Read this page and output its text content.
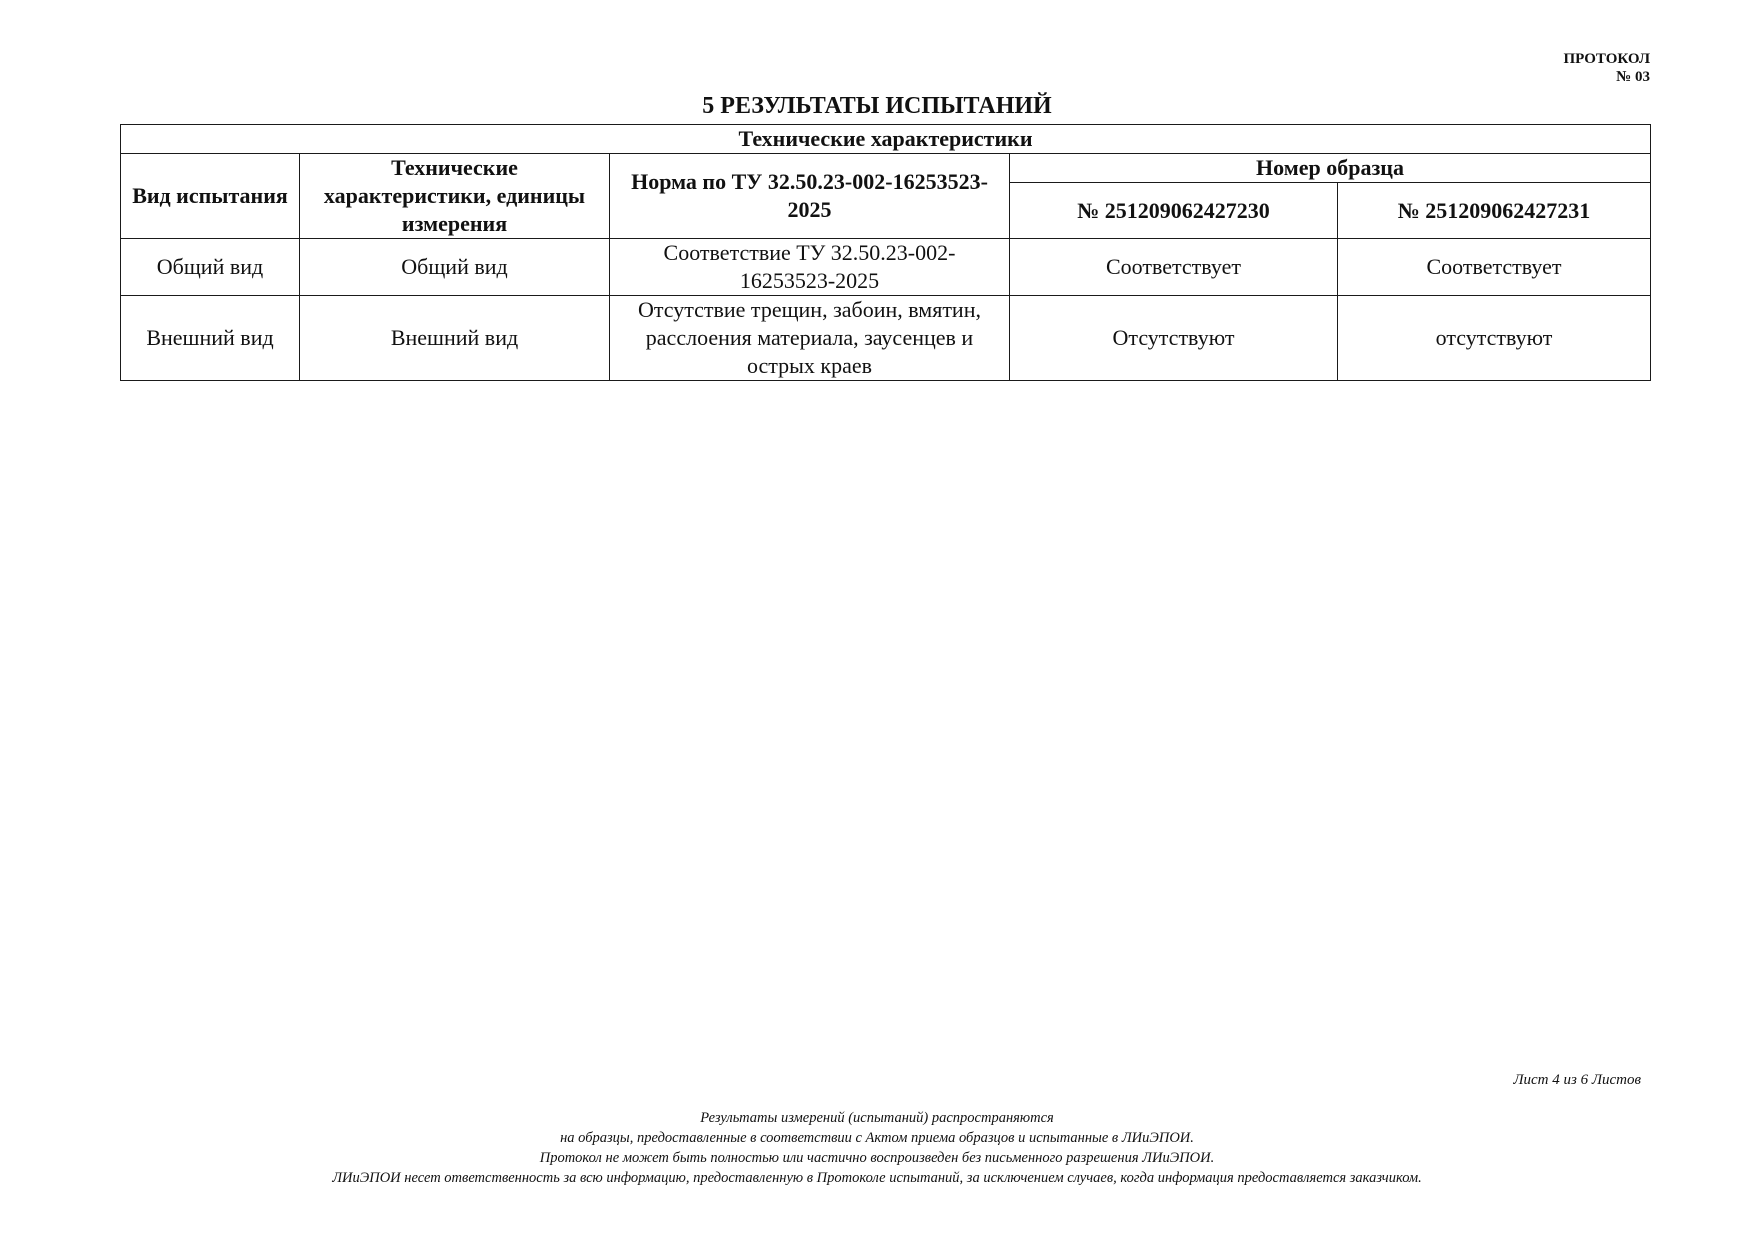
ПРОТОКОЛ
№ 03
5 РЕЗУЛЬТАТЫ ИСПЫТАНИЙ
Технические характеристики				
Вид испытания	Технические характеристики, единицы измерения	Норма по ТУ 32.50.23-002-16253523-2025	Номер образца	
			№ 251209062427230	№ 251209062427231
Общий вид	Общий вид	Соответствие ТУ 32.50.23-002-16253523-2025	Соответствует	Соответствует
Внешний вид	Внешний вид	Отсутствие трещин, забоин, вмятин, расслоения материала, заусенцев и острых краев	Отсутствуют	отсутствуют
Лист 4 из 6 Листов
Результаты измерений (испытаний) распространяются
на образцы, предоставленные в соответствии с Актом приема образцов и испытанные в ЛИиЭПОИ.
Протокол не может быть полностью или частично воспроизведен без письменного разрешения ЛИиЭПОИ.
ЛИиЭПОИ несет ответственность за всю информацию, предоставленную в Протоколе испытаний, за исключением случаев, когда информация предоставляется заказчиком.
